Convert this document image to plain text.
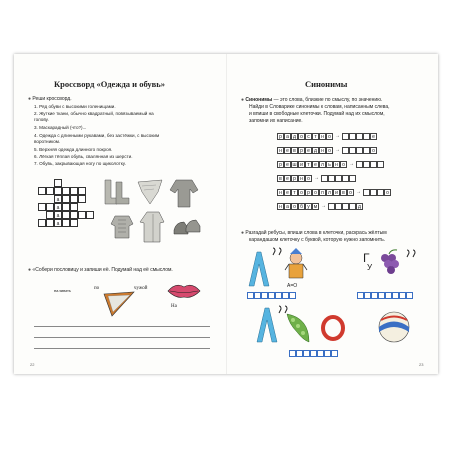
Кроссворд «Одежда и обувь»
● Реши кроссворд.
1. Ряд обуви с высокими голенищами.
2. Жуткие ткани, обычно квадратный, повязываемый на
голову.
3. Маскарадный (что?)...
4. Одежда с длинными рукавами, без застёжки, с высоким
воротником.
5. Верхняя одежда длинного покроя.
6. Лёгкая тёплая обувь, свалянная из шерсти.
7. Обувь, закрывающая ногу по щиколотку.
а
а
а
а
● «Собери пословицу и запиши её. Подумай над её смыслом.
наливать	по	чужой
На
22
Синонимы
● Синонимы — это слова, близкие по смыслу, по значению.
Найди в Словарике синонимы к словам, написанным слева,
и впиши в свободные клеточки. Подумай над их смыслом,
запомни их написание.
р а д о с т н о →	е
н е в р е д н о →	о
р е ш и т е л ь н о →
в е р н о →
н е т о р о п л и в о →	о
н а о б у м →	д
● Разгадай ребусы, впиши слова в клеточки, раскрась жёлтым
карандашом клеточку с буквой, которую нужно запомнить.
А=О
Г
У
23
